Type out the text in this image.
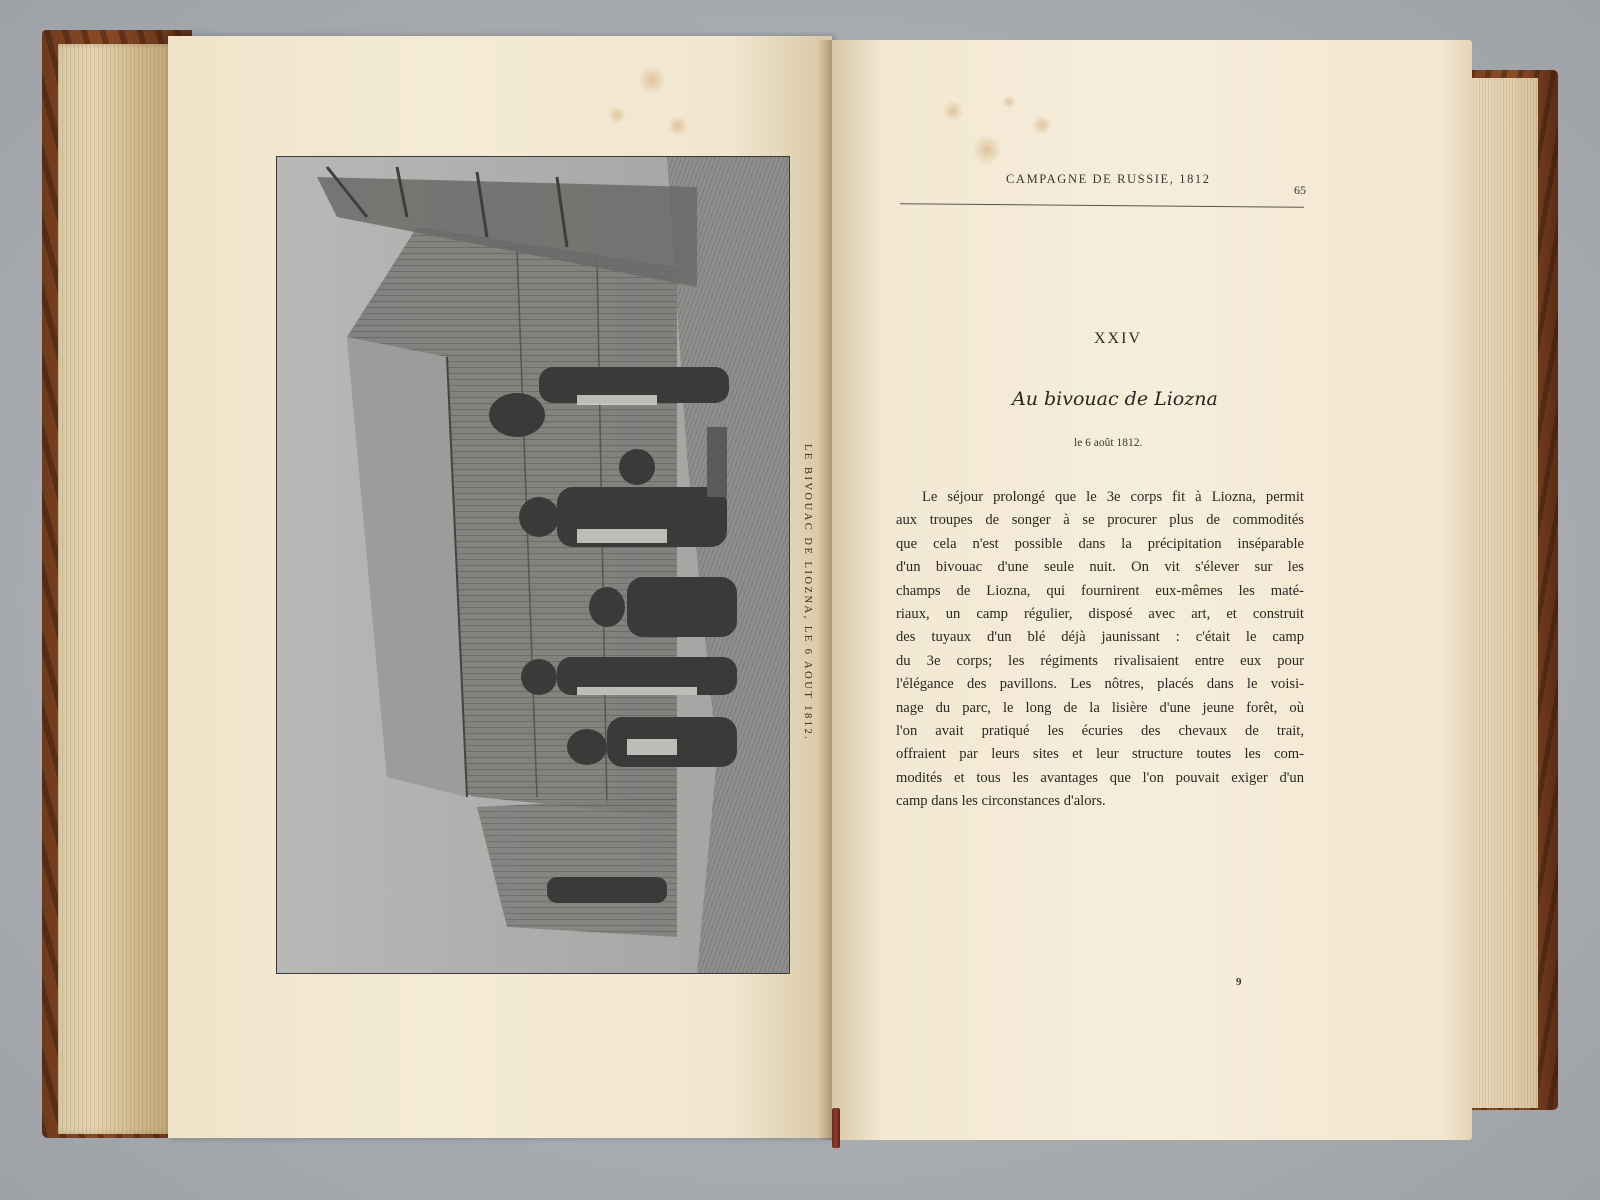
LE BIVOUAC DE LIOZNA, LE 6 AOUT 1812.
CAMPAGNE DE RUSSIE, 1812
65
XXIV
Au bivouac de Liozna
le 6 août 1812.
Le séjour prolongé que le 3e corps fit à Liozna, permit
aux troupes de songer à se procurer plus de commodités
que cela n'est possible dans la précipitation inséparable
d'un bivouac d'une seule nuit. On vit s'élever sur les
champs de Liozna, qui fournirent eux-mêmes les maté-
riaux, un camp régulier, disposé avec art, et construit
des tuyaux d'un blé déjà jaunissant : c'était le camp
du 3e corps; les régiments rivalisaient entre eux pour
l'élégance des pavillons. Les nôtres, placés dans le voisi-
nage du parc, le long de la lisière d'une jeune forêt, où
l'on avait pratiqué les écuries des chevaux de trait,
offraient par leurs sites et leur structure toutes les com-
modités et tous les avantages que l'on pouvait exiger d'un
camp dans les circonstances d'alors.
9
